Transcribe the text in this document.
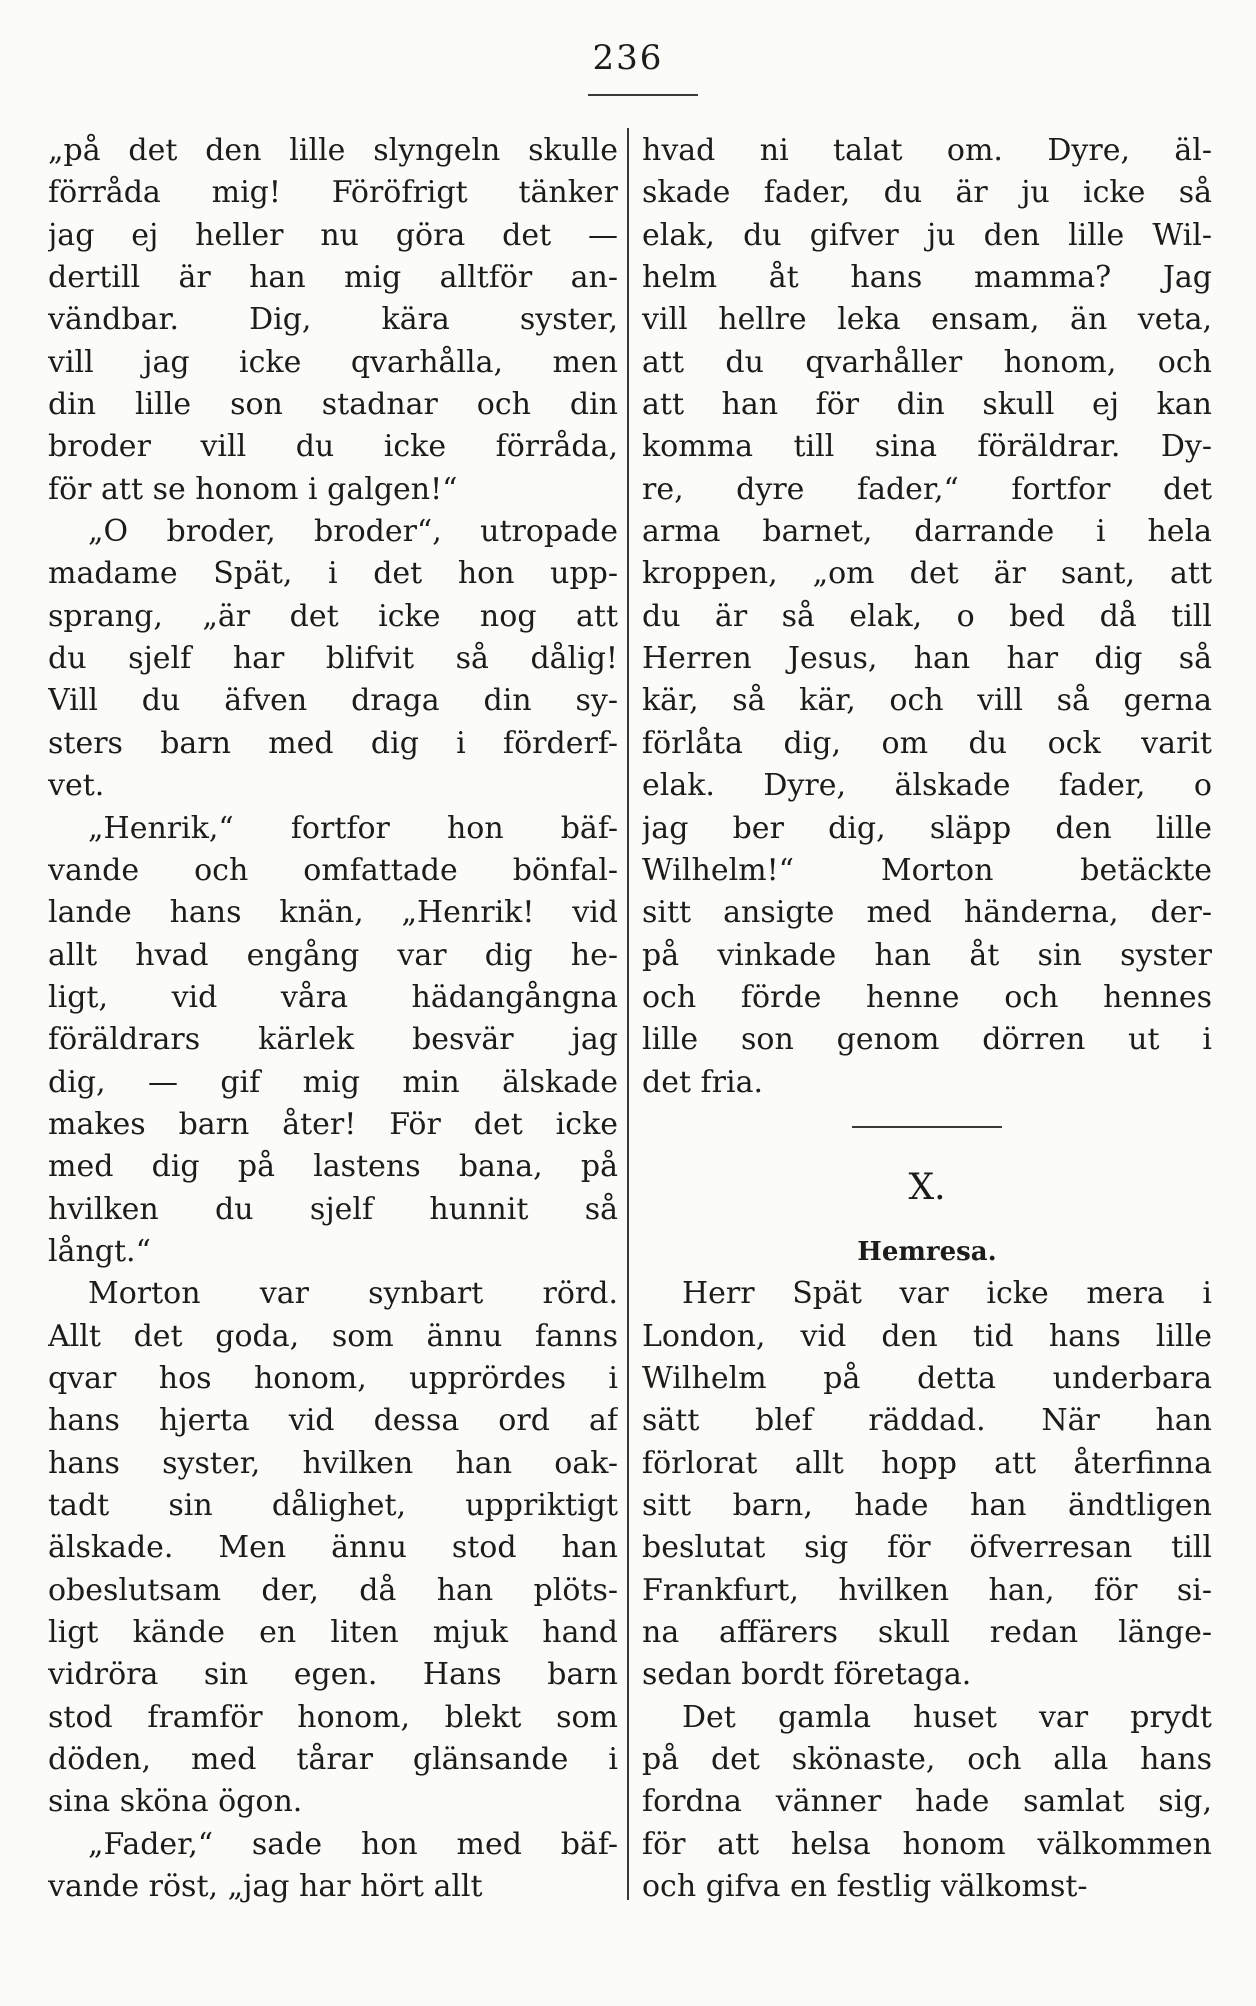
236
„på det den lille slyngeln skulle
förråda mig! Föröfrigt tänker
jag ej heller nu göra det —
dertill är han mig alltför an-
vändbar. Dig, kära syster,
vill jag icke qvarhålla, men
din lille son stadnar och din
broder vill du icke förråda,
för att se honom i galgen!“
„O broder, broder“, utropade
madame Spät, i det hon upp-
sprang, „är det icke nog att
du sjelf har blifvit så dålig!
Vill du äfven draga din sy-
sters barn med dig i förderf-
vet.
„Henrik,“ fortfor hon bäf-
vande och omfattade bönfal-
lande hans knän, „Henrik! vid
allt hvad engång var dig he-
ligt, vid våra hädangångna
föräldrars kärlek besvär jag
dig, — gif mig min älskade
makes barn åter! För det icke
med dig på lastens bana, på
hvilken du sjelf hunnit så
långt.“
Morton var synbart rörd.
Allt det goda, som ännu fanns
qvar hos honom, upprördes i
hans hjerta vid dessa ord af
hans syster, hvilken han oak-
tadt sin dålighet, uppriktigt
älskade. Men ännu stod han
obeslutsam der, då han plöts-
ligt kände en liten mjuk hand
vidröra sin egen. Hans barn
stod framför honom, blekt som
döden, med tårar glänsande i
sina sköna ögon.
„Fader,“ sade hon med bäf-
vande röst, „jag har hört allt
hvad ni talat om. Dyre, äl-
skade fader, du är ju icke så
elak, du gifver ju den lille Wil-
helm åt hans mamma? Jag
vill hellre leka ensam, än veta,
att du qvarhåller honom, och
att han för din skull ej kan
komma till sina föräldrar. Dy-
re, dyre fader,“ fortfor det
arma barnet, darrande i hela
kroppen, „om det är sant, att
du är så elak, o bed då till
Herren Jesus, han har dig så
kär, så kär, och vill så gerna
förlåta dig, om du ock varit
elak. Dyre, älskade fader, o
jag ber dig, släpp den lille
Wilhelm!“ Morton betäckte
sitt ansigte med händerna, der-
på vinkade han åt sin syster
och förde henne och hennes
lille son genom dörren ut i
det fria.
X.
Hemresa.
Herr Spät var icke mera i
London, vid den tid hans lille
Wilhelm på detta underbara
sätt blef räddad. När han
förlorat allt hopp att återfinna
sitt barn, hade han ändtligen
beslutat sig för öfverresan till
Frankfurt, hvilken han, för si-
na affärers skull redan länge-
sedan bordt företaga.
Det gamla huset var prydt
på det skönaste, och alla hans
fordna vänner hade samlat sig,
för att helsa honom välkommen
och gifva en festlig välkomst-
